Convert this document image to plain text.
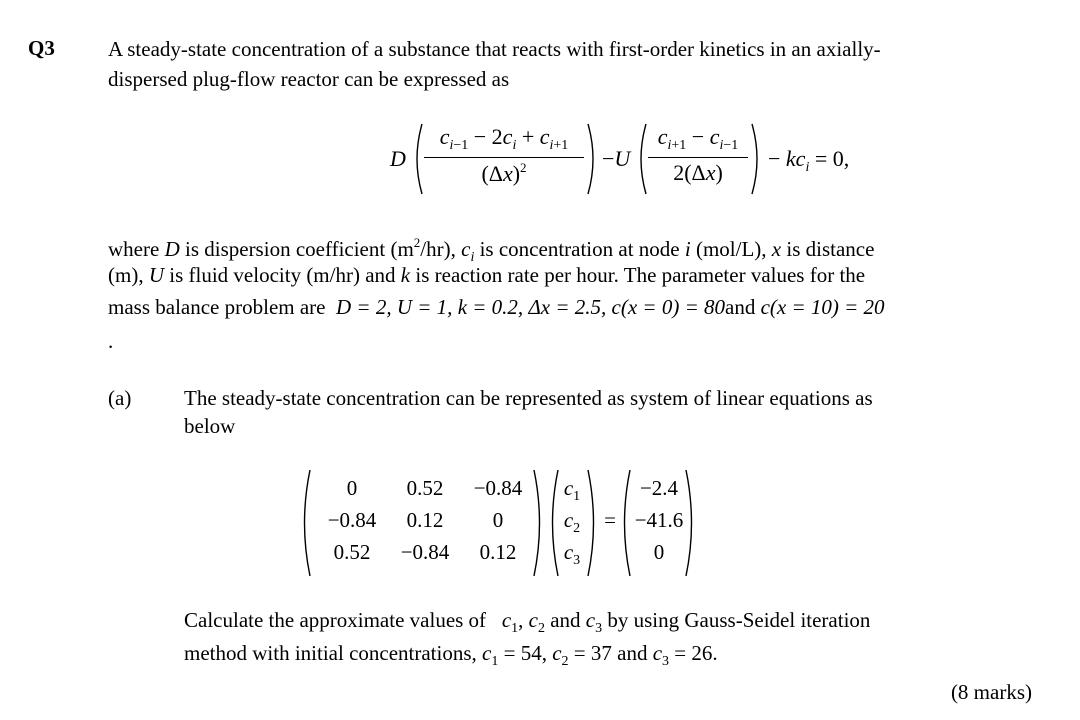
Q3	A steady-state concentration of a substance that reacts with first-order kinetics in an axially-
dispersed plug-flow reactor can be expressed as
D $\frac{c_{i-1} - 2c_i + c_{i+1}}{(\Delta x)^2} -U \frac{c_{i+1} - c_{i-1}}{2(\Delta x)} - kc_i = 0$,
where D is dispersion coefficient $(m^2/hr)$, $c_i$ is concentration at node i (mol/L), x is distance
(m), U is fluid velocity (m/hr) and k is reaction rate per hour. The parameter values for the
mass balance problem are D = 2, U = 1, k = 0.2, Δx = 2.5, c(x = 0) = 80and c(x = 10) = 20
.
(a)	The steady-state concentration can be represented as system of linear equations as
below
0	0.52	−0.84
−0.84	0.12	0
0.52	−0.84	0.12
$c_1$
$c_2$
$c_3$
=
−2.4
−41.6
0
Calculate the approximate values of $c_1$, $c_2$ and $c_3$ by using Gauss-Seidel iteration
method with initial concentrations, $c_1 = 54$, $c_2 = 37$ and $c_3 = 26$.
(8 marks)
